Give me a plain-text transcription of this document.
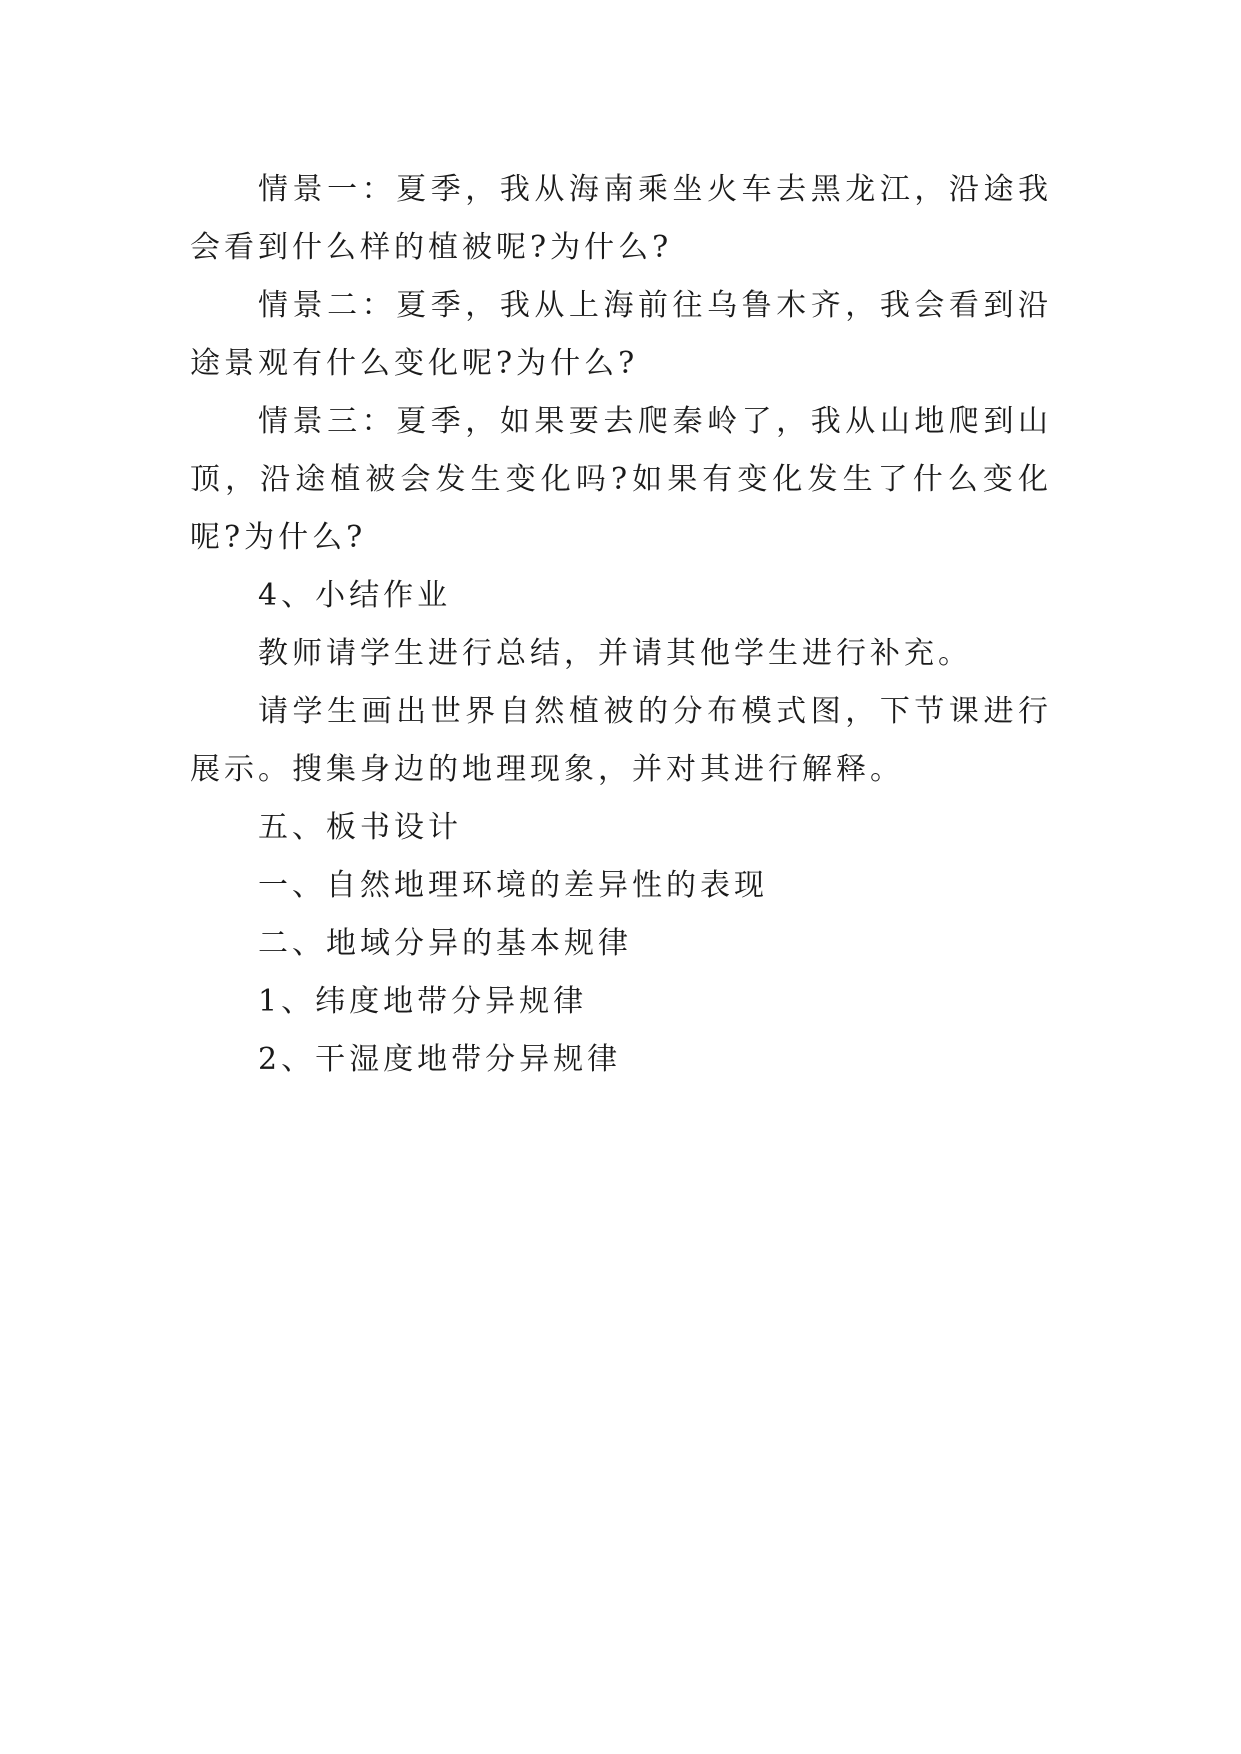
情景一：夏季，我从海南乘坐火车去黑龙江，沿途我会看到什么样的植被呢?为什么?

情景二：夏季，我从上海前往乌鲁木齐，我会看到沿途景观有什么变化呢?为什么?

情景三：夏季，如果要去爬秦岭了，我从山地爬到山顶，沿途植被会发生变化吗?如果有变化发生了什么变化呢?为什么?

4、小结作业

教师请学生进行总结，并请其他学生进行补充。

请学生画出世界自然植被的分布模式图，下节课进行展示。搜集身边的地理现象，并对其进行解释。

五、板书设计

一、自然地理环境的差异性的表现

二、地域分异的基本规律

1、纬度地带分异规律

2、干湿度地带分异规律
